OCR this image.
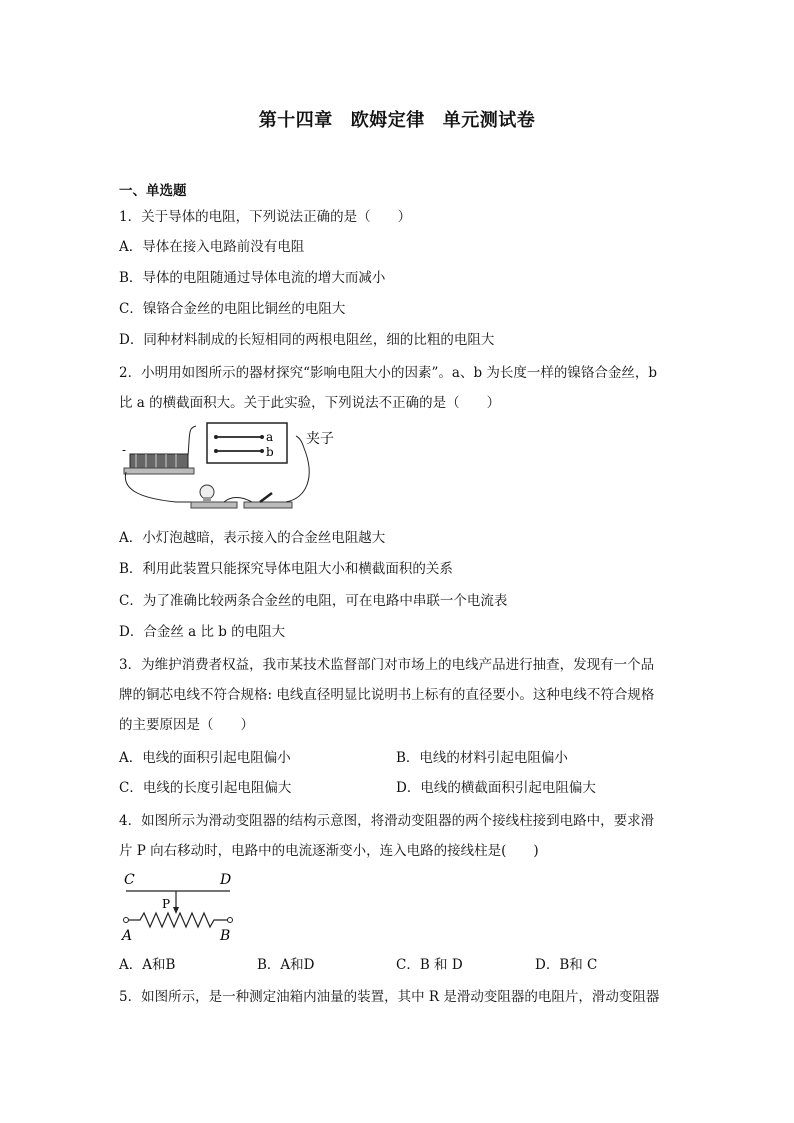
第十四章 欧姆定律 单元测试卷
一、单选题
1．关于导体的电阻，下列说法正确的是（　　）
A．导体在接入电路前没有电阻
B．导体的电阻随通过导体电流的增大而减小
C．镍铬合金丝的电阻比铜丝的电阻大
D．同种材料制成的长短相同的两根电阻丝，细的比粗的电阻大
2．小明用如图所示的器材探究“影响电阻大小的因素”。a、b 为长度一样的镍铬合金丝，b
比 a 的横截面积大。关于此实验，下列说法不正确的是（　　）
a
b
夹子
-
A．小灯泡越暗，表示接入的合金丝电阻越大
B．利用此装置只能探究导体电阻大小和横截面积的关系
C．为了准确比较两条合金丝的电阻，可在电路中串联一个电流表
D．合金丝 a 比 b 的电阻大
3．为维护消费者权益，我市某技术监督部门对市场上的电线产品进行抽查，发现有一个品
牌的铜芯电线不符合规格: 电线直径明显比说明书上标有的直径要小。这种电线不符合规格
的主要原因是（　　）
A．电线的面积引起电阻偏小	B．电线的材料引起电阻偏小
C．电线的长度引起电阻偏大	D．电线的横截面积引起电阻偏大
4．如图所示为滑动变阻器的结构示意图，将滑动变阻器的两个接线柱接到电路中，要求滑
片 P 向右移动时，电路中的电流逐渐变小，连入电路的接线柱是(　　)
C	D
P
A	B
A．A和B	B．A和D	C．B 和 D	D．B和 C
5．如图所示，是一种测定油箱内油量的装置，其中 R 是滑动变阻器的电阻片，滑动变阻器
